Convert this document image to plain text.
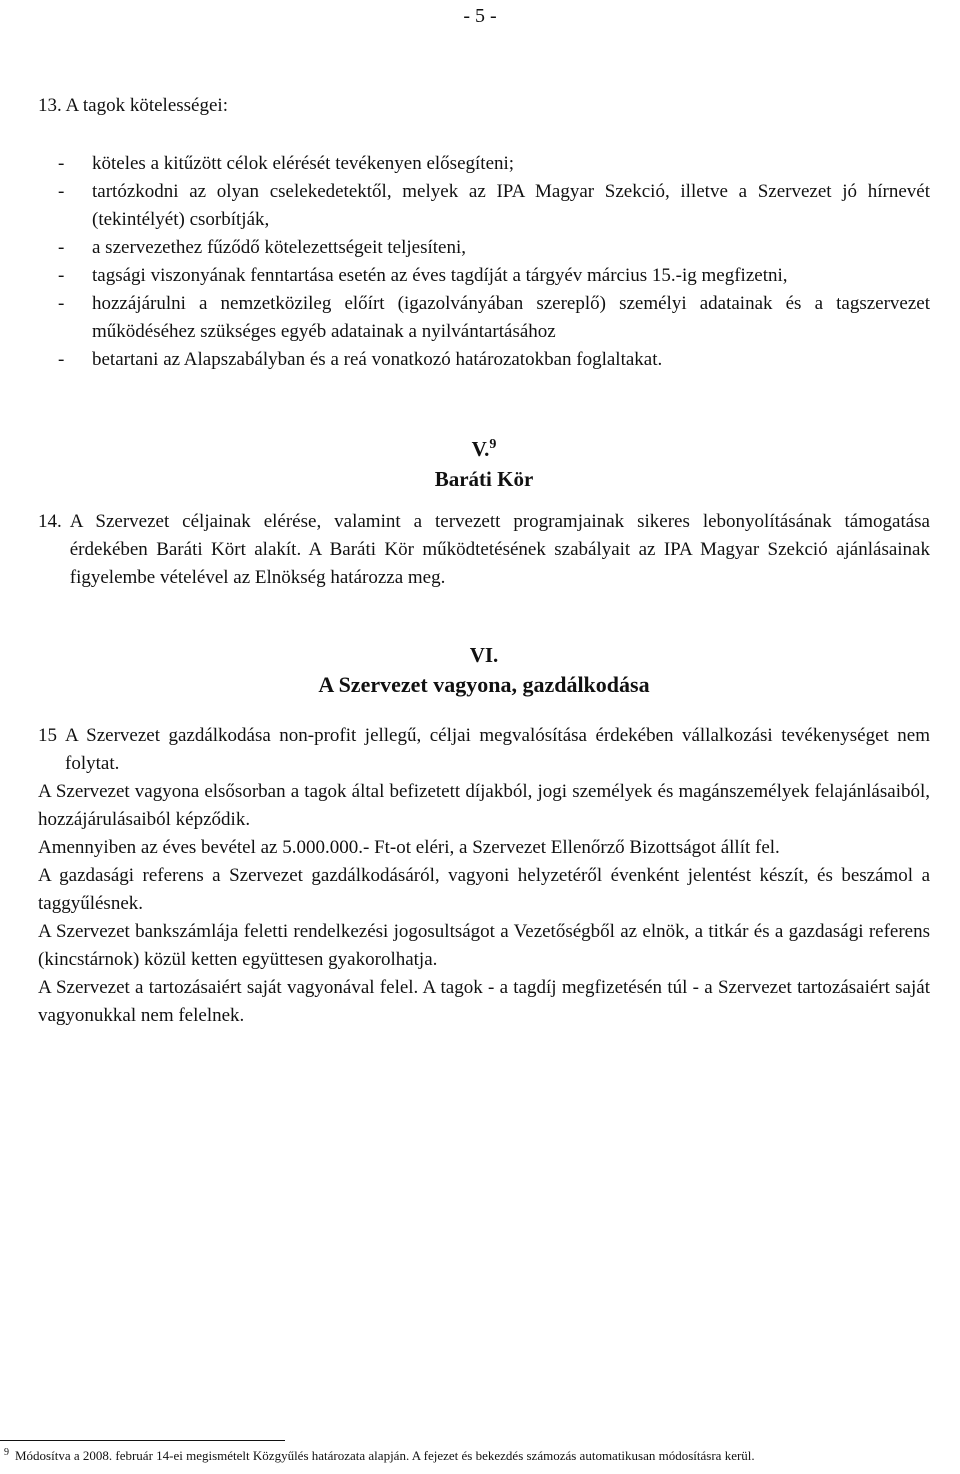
- 5 -

13. A tagok kötelességei:

-	köteles a kitűzött célok elérését tevékenyen elősegíteni;
-	tartózkodni az olyan cselekedetektől, melyek az IPA Magyar Szekció, illetve a Szervezet jó hírnevét (tekintélyét) csorbítják,
-	a szervezethez fűződő kötelezettségeit teljesíteni,
-	tagsági viszonyának fenntartása esetén az éves tagdíját a tárgyév március 15.-ig megfizetni,
-	hozzájárulni a nemzetközileg előírt (igazolványában szereplő) személyi adatainak és a tagszervezet működéséhez szükséges egyéb adatainak a nyilvántartásához
-	betartani az Alapszabályban és a reá vonatkozó határozatokban foglaltakat.

V.$^9$

Baráti Kör

14. A Szervezet céljainak elérése, valamint a tervezett programjainak sikeres lebonyolításának támogatása érdekében Baráti Kört alakít. A Baráti Kör működtetésének szabályait az IPA Magyar Szekció ajánlásainak figyelembe vételével az Elnökség határozza meg.

VI.

A Szervezet vagyona, gazdálkodása

15 A Szervezet gazdálkodása non-profit jellegű, céljai megvalósítása érdekében vállalkozási tevékenységet nem folytat.

A Szervezet vagyona elsősorban a tagok által befizetett díjakból, jogi személyek és magánszemélyek felajánlásaiból, hozzájárulásaiból képződik.

Amennyiben az éves bevétel az 5.000.000.- Ft-ot eléri, a Szervezet Ellenőrző Bizottságot állít fel.

A gazdasági referens a Szervezet gazdálkodásáról, vagyoni helyzetéről évenként jelentést készít, és beszámol a taggyűlésnek.

A Szervezet bankszámlája feletti rendelkezési jogosultságot a Vezetőségből az elnök, a titkár és a gazdasági referens (kincstárnok) közül ketten együttesen gyakorolhatja.

A Szervezet a tartozásaiért saját vagyonával felel. A tagok - a tagdíj megfizetésén túl - a Szervezet tartozásaiért saját vagyonukkal nem felelnek.

$^9$ Módosítva a 2008. február 14-ei megismételt Közgyűlés határozata alapján. A fejezet és bekezdés számozás automatikusan módosításra kerül.
